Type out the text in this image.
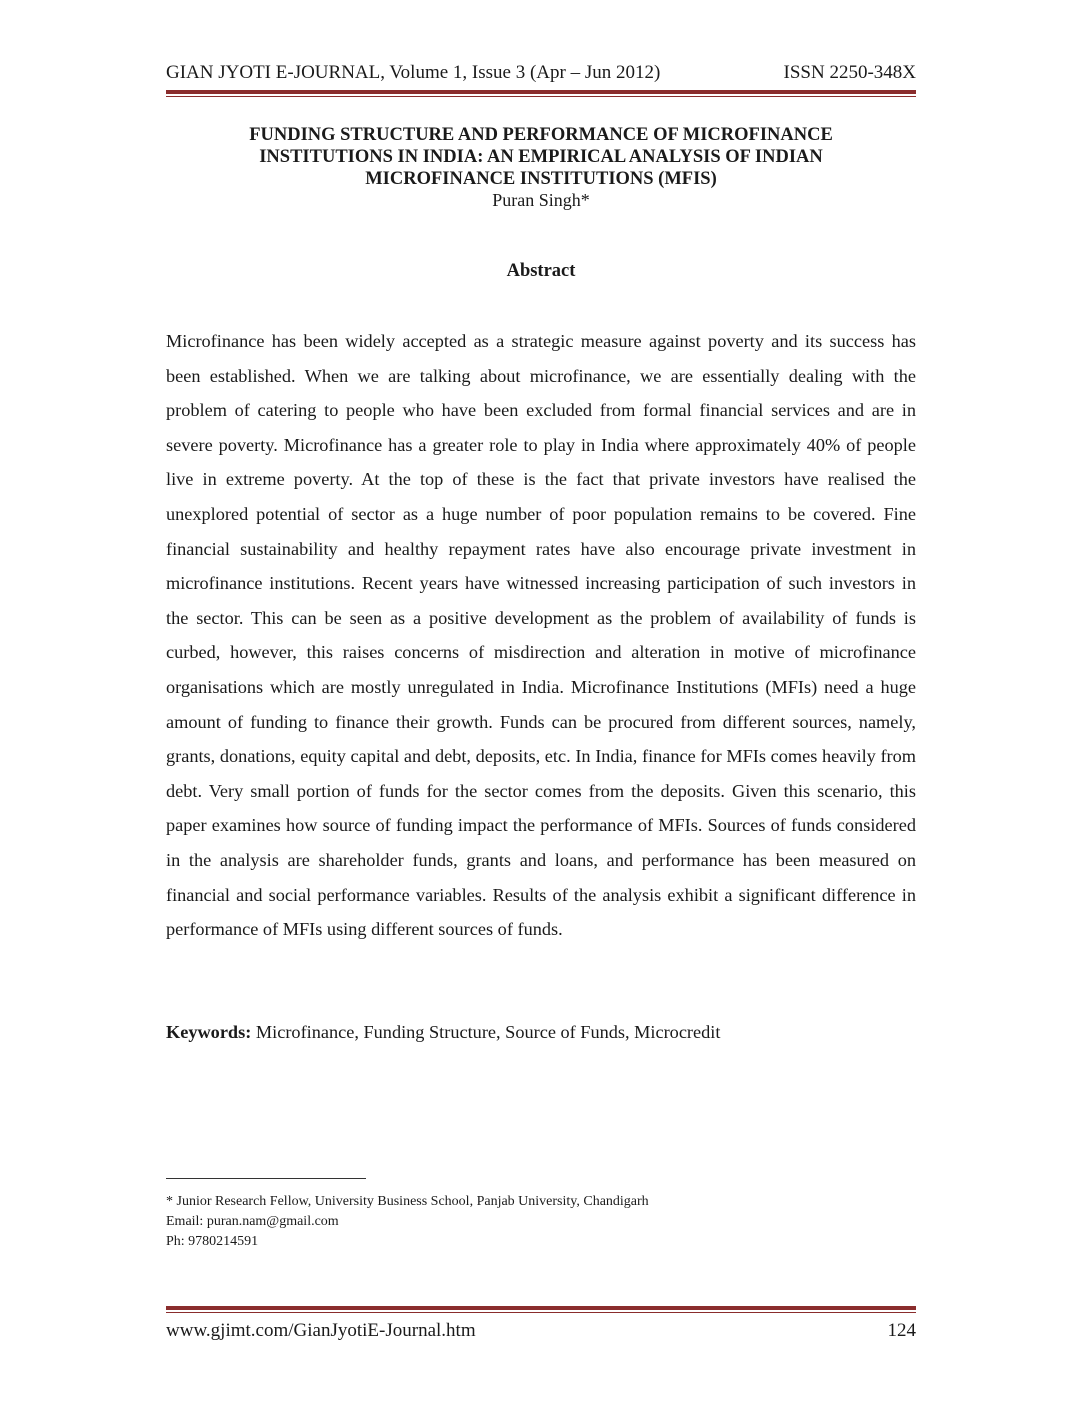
GIAN JYOTI E-JOURNAL, Volume 1, Issue 3 (Apr – Jun 2012)	ISSN 2250-348X
FUNDING STRUCTURE AND PERFORMANCE OF MICROFINANCE
INSTITUTIONS IN INDIA: AN EMPIRICAL ANALYSIS OF INDIAN
MICROFINANCE INSTITUTIONS (MFIS)
Puran Singh*
Abstract

Microfinance has been widely accepted as a strategic measure against poverty and its success has been established. When we are talking about microfinance, we are essentially dealing with the problem of catering to people who have been excluded from formal financial services and are in severe poverty. Microfinance has a greater role to play in India where approximately 40% of people live in extreme poverty. At the top of these is the fact that private investors have realised the unexplored potential of sector as a huge number of poor population remains to be covered. Fine financial sustainability and healthy repayment rates have also encourage private investment in microfinance institutions. Recent years have witnessed increasing participation of such investors in the sector. This can be seen as a positive development as the problem of availability of funds is curbed, however, this raises concerns of misdirection and alteration in motive of microfinance organisations which are mostly unregulated in India. Microfinance Institutions (MFIs) need a huge amount of funding to finance their growth. Funds can be procured from different sources, namely, grants, donations, equity capital and debt, deposits, etc. In India, finance for MFIs comes heavily from debt. Very small portion of funds for the sector comes from the deposits. Given this scenario, this paper examines how source of funding impact the performance of MFIs. Sources of funds considered in the analysis are shareholder funds, grants and loans, and performance has been measured on financial and social performance variables. Results of the analysis exhibit a significant difference in performance of MFIs using different sources of funds.

Keywords: Microfinance, Funding Structure, Source of Funds, Microcredit
* Junior Research Fellow, University Business School, Panjab University, Chandigarh
Email: puran.nam@gmail.com
Ph: 9780214591
www.gjimt.com/GianJyotiE-Journal.htm	124
